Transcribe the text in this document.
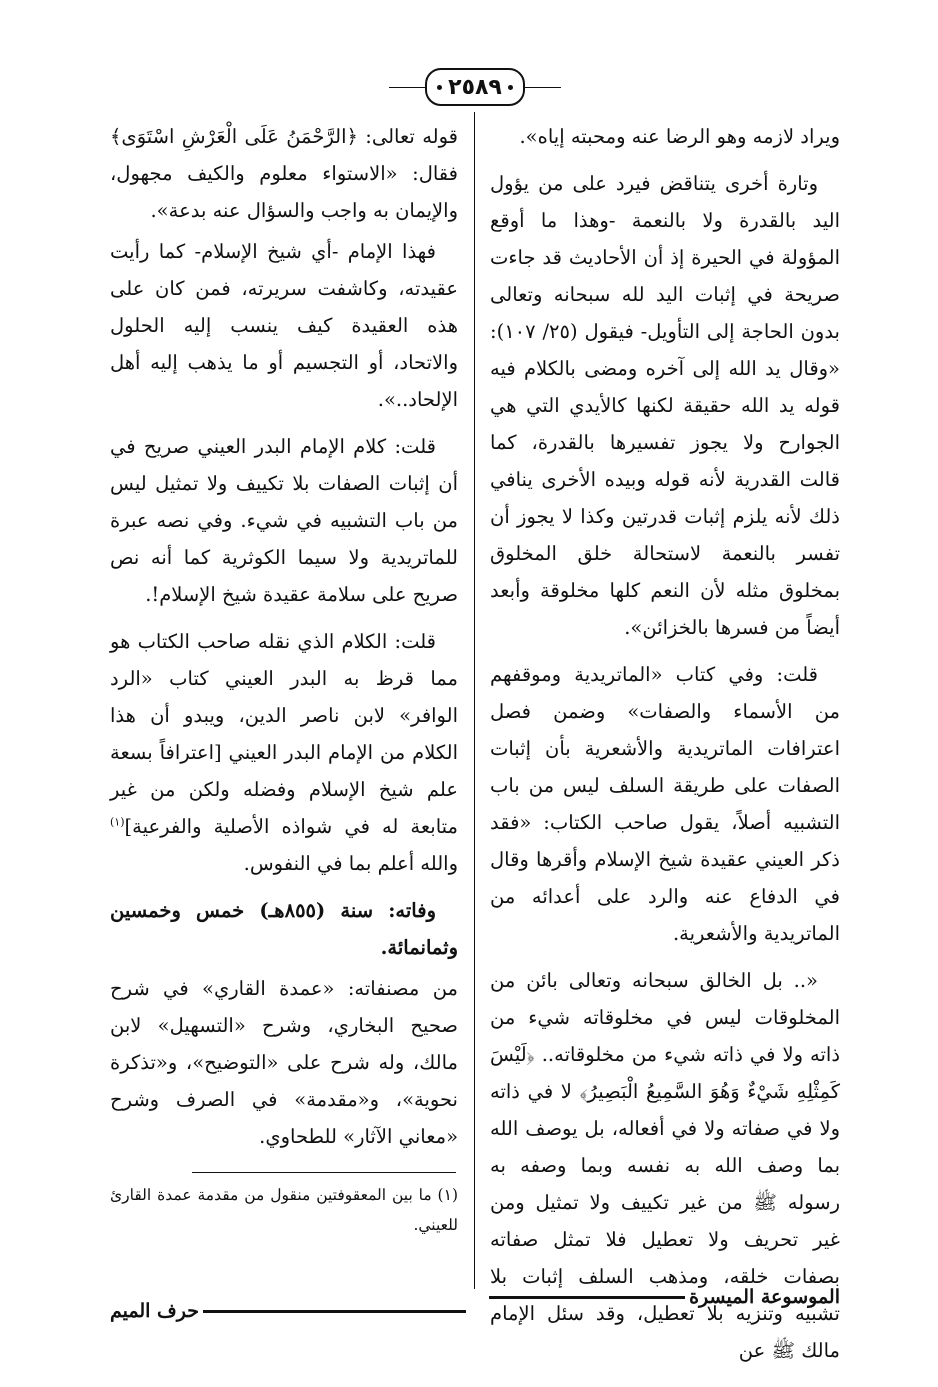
٢٥٨٩

ويراد لازمه وهو الرضا عنه ومحبته إياه».

وتارة أخرى يتناقض فيرد على من يؤول اليد بالقدرة ولا بالنعمة -وهذا ما أوقع المؤولة في الحيرة إذ أن الأحاديث قد جاءت صريحة في إثبات اليد لله سبحانه وتعالى بدون الحاجة إلى التأويل- فيقول (٢٥/ ١٠٧): «وقال يد الله إلى آخره ومضى بالكلام فيه قوله يد الله حقيقة لكنها كالأيدي التي هي الجوارح ولا يجوز تفسيرها بالقدرة، كما قالت القدرية لأنه قوله وبيده الأخرى ينافي ذلك لأنه يلزم إثبات قدرتين وكذا لا يجوز أن تفسر بالنعمة لاستحالة خلق المخلوق بمخلوق مثله لأن النعم كلها مخلوقة وأبعد أيضاً من فسرها بالخزائن».

قلت: وفي كتاب «الماتريدية وموقفهم من الأسماء والصفات» وضمن فصل اعترافات الماتريدية والأشعرية بأن إثبات الصفات على طريقة السلف ليس من باب التشبيه أصلاً، يقول صاحب الكتاب: «فقد ذكر العيني عقيدة شيخ الإسلام وأقرها وقال في الدفاع عنه والرد على أعدائه من الماتريدية والأشعرية.

«.. بل الخالق سبحانه وتعالى بائن من المخلوقات ليس في مخلوقاته شيء من ذاته ولا في ذاته شيء من مخلوقاته.. ﴿لَيْسَ كَمِثْلِهِ شَيْءٌ وَهُوَ السَّمِيعُ الْبَصِيرُ﴾ لا في ذاته ولا في صفاته ولا في أفعاله، بل يوصف الله بما وصف الله به نفسه وبما وصفه به رسوله ﷺ من غير تكييف ولا تمثيل ومن غير تحريف ولا تعطيل فلا تمثل صفاته بصفات خلقه، ومذهب السلف إثبات بلا تشبيه وتنزيه بلا تعطيل، وقد سئل الإمام مالك ﷺ عن

قوله تعالى: ﴿الرَّحْمَنُ عَلَى الْعَرْشِ اسْتَوَى﴾ فقال: «الاستواء معلوم والكيف مجهول، والإيمان به واجب والسؤال عنه بدعة».

فهذا الإمام -أي شيخ الإسلام- كما رأيت عقيدته، وكاشفت سريرته، فمن كان على هذه العقيدة كيف ينسب إليه الحلول والاتحاد، أو التجسيم أو ما يذهب إليه أهل الإلحاد..».

قلت: كلام الإمام البدر العيني صريح في أن إثبات الصفات بلا تكييف ولا تمثيل ليس من باب التشبيه في شيء. وفي نصه عبرة للماتريدية ولا سيما الكوثرية كما أنه نص صريح على سلامة عقيدة شيخ الإسلام!.

قلت: الكلام الذي نقله صاحب الكتاب هو مما قرظ به البدر العيني كتاب «الرد الوافر» لابن ناصر الدين، ويبدو أن هذا الكلام من الإمام البدر العيني [اعترافاً بسعة علم شيخ الإسلام وفضله ولكن من غير متابعة له في شواذه الأصلية والفرعية]$^{(١)}$ والله أعلم بما في النفوس.

وفاته: سنة (٨٥٥هـ) خمس وخمسين وثمانمائة.

من مصنفاته: «عمدة القاري» في شرح صحيح البخاري، وشرح «التسهيل» لابن مالك، وله شرح على «التوضيح»، و«تذكرة نحوية»، و«مقدمة» في الصرف وشرح «معاني الآثار» للطحاوي.

(١) ما بين المعقوفتين منقول من مقدمة عمدة القارئ للعيني.
الموسوعة الميسرة
حرف الميم
